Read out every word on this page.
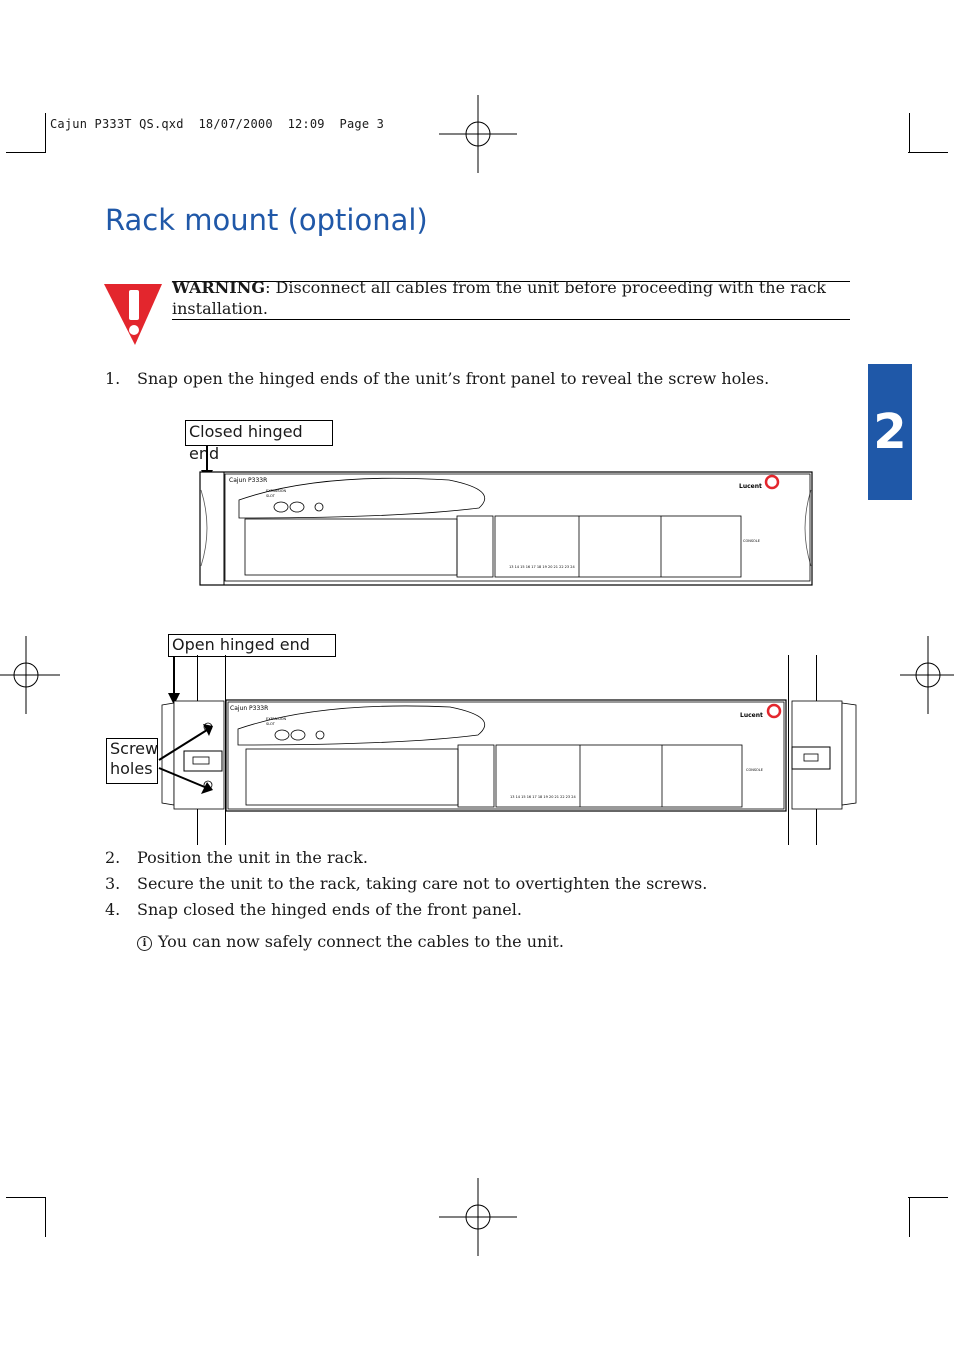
Cajun P333T QS.qxd  18/07/2000  12:09  Page 3
Rack mount (optional)
2
WARNING: Disconnect all cables from the unit before proceeding with the rack installation.
1. Snap open the hinged ends of the unit’s front panel to reveal the screw holes.
Closed hinged end
Cajun P333R
Lucent
EXPANSION
SLOT
CONSOLE
13 14 15 16 17 18 19 20 21 22 23 24
Open hinged end
Screw
holes
Cajun P333R
Lucent
EXPANSION
SLOT
CONSOLE
13 14 15 16 17 18 19 20 21 22 23 24
2. Position the unit in the rack.
3. Secure the unit to the rack, taking care not to overtighten the screws.
4. Snap closed the hinged ends of the front panel.
i You can now safely connect the cables to the unit.
